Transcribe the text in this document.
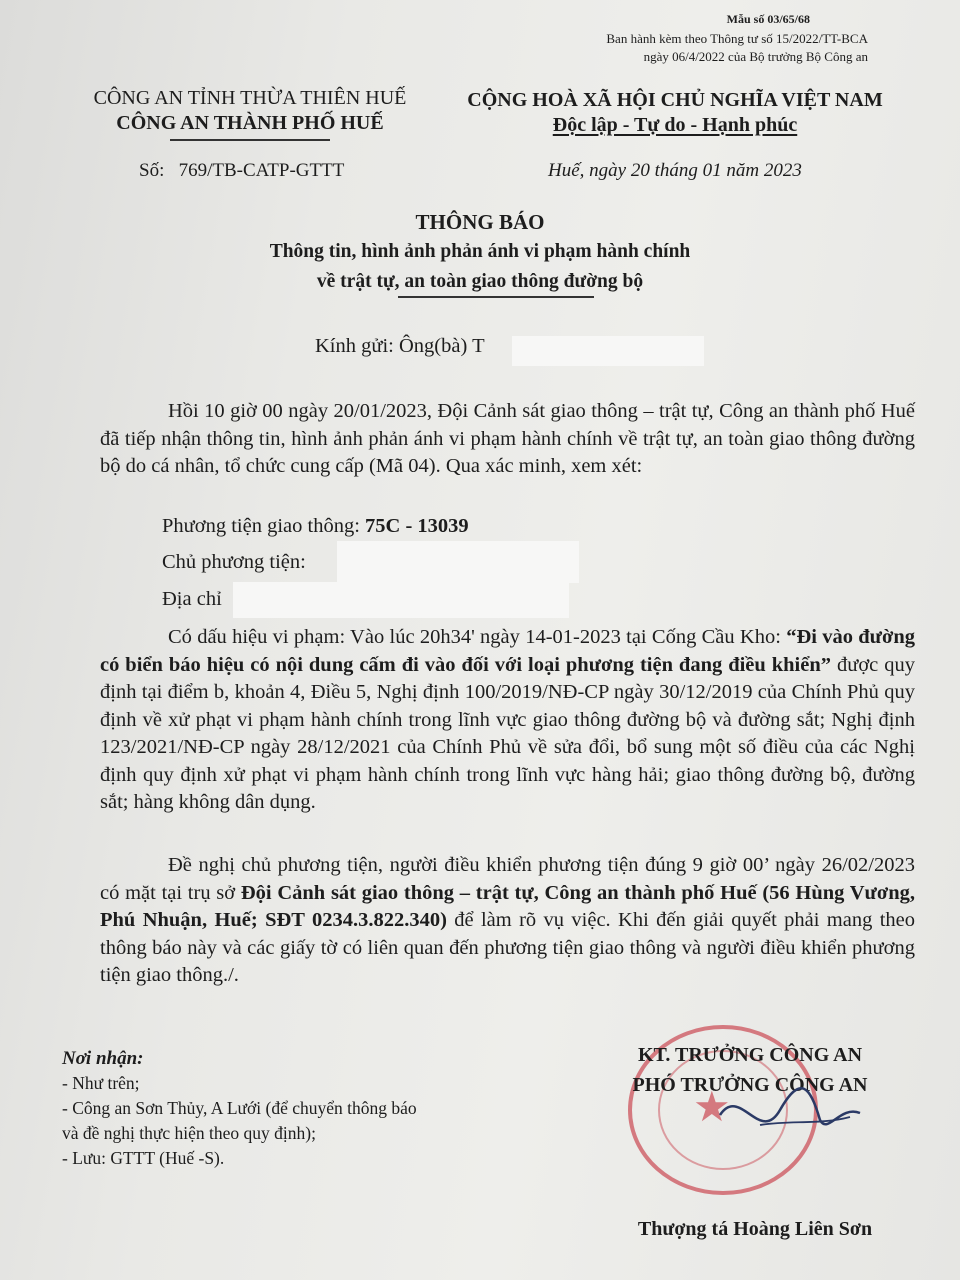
Mẫu số 03/65/68
Ban hành kèm theo Thông tư số 15/2022/TT-BCA
ngày 06/4/2022 của Bộ trưởng Bộ Công an
CÔNG AN TỈNH THỪA THIÊN HUẾ
CÔNG AN THÀNH PHỐ HUẾ
CỘNG HOÀ XÃ HỘI CHỦ NGHĨA VIỆT NAM
Độc lập - Tự do - Hạnh phúc
Số: 769/TB-CATP-GTTT	Huế, ngày 20 tháng 01 năm 2023
THÔNG BÁO
Thông tin, hình ảnh phản ánh vi phạm hành chính
về trật tự, an toàn giao thông đường bộ
Kính gửi: Ông(bà) T
Hồi 10 giờ 00 ngày 20/01/2023, Đội Cảnh sát giao thông – trật tự, Công an thành phố Huế đã tiếp nhận thông tin, hình ảnh phản ánh vi phạm hành chính về trật tự, an toàn giao thông đường bộ do cá nhân, tổ chức cung cấp (Mã 04). Qua xác minh, xem xét:
Phương tiện giao thông: 75C - 13039
Chủ phương tiện:
Địa chỉ
Có dấu hiệu vi phạm: Vào lúc 20h34' ngày 14-01-2023 tại Cống Cầu Kho: “Đi vào đường có biển báo hiệu có nội dung cấm đi vào đối với loại phương tiện đang điều khiển” được quy định tại điểm b, khoản 4, Điều 5, Nghị định 100/2019/NĐ-CP ngày 30/12/2019 của Chính Phủ quy định về xử phạt vi phạm hành chính trong lĩnh vực giao thông đường bộ và đường sắt; Nghị định 123/2021/NĐ-CP ngày 28/12/2021 của Chính Phủ về sửa đổi, bổ sung một số điều của các Nghị định quy định xử phạt vi phạm hành chính trong lĩnh vực hàng hải; giao thông đường bộ, đường sắt; hàng không dân dụng.
Đề nghị chủ phương tiện, người điều khiển phương tiện đúng 9 giờ 00’ ngày 26/02/2023 có mặt tại trụ sở Đội Cảnh sát giao thông – trật tự, Công an thành phố Huế (56 Hùng Vương, Phú Nhuận, Huế; SĐT 0234.3.822.340) để làm rõ vụ việc. Khi đến giải quyết phải mang theo thông báo này và các giấy tờ có liên quan đến phương tiện giao thông và người điều khiển phương tiện giao thông./.
Nơi nhận:
- Như trên;
- Công an Sơn Thủy, A Lưới (để chuyển thông báo
và đề nghị thực hiện theo quy định);
- Lưu: GTTT (Huế -S).
★
KT. TRƯỞNG CÔNG AN
PHÓ TRƯỞNG CÔNG AN
Thượng tá Hoàng Liên Sơn
